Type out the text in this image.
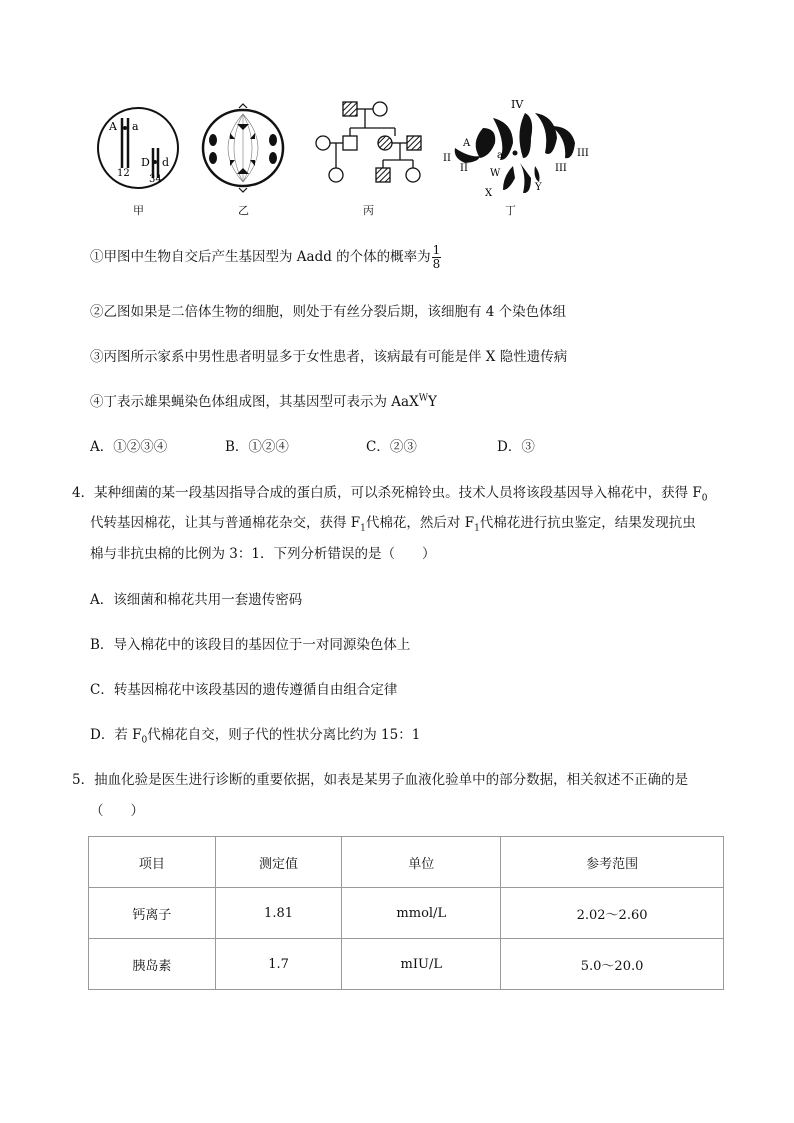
A a
D d
12
34
IV
A
a
II
II
III
III
W
X
Y
甲	乙	丙	丁
①甲图中生物自交后产生基因型为 Aadd 的个体的概率为 $\frac{1}{8}$
②乙图如果是二倍体生物的细胞，则处于有丝分裂后期，该细胞有 4 个染色体组
③丙图所示家系中男性患者明显多于女性患者，该病最有可能是伴 X 隐性遗传病
④丁表示雄果蝇染色体组成图，其基因型可表示为 AaX$^W$Y
A．①②③④	B．①②④	C．②③	D．③
4．某种细菌的某一段基因指导合成的蛋白质，可以杀死棉铃虫。技术人员将该段基因导入棉花中，获得 $F_0$
代转基因棉花，让其与普通棉花杂交，获得 $F_1$代棉花，然后对 $F_1$代棉花进行抗虫鉴定，结果发现抗虫
棉与非抗虫棉的比例为 3：1．下列分析错误的是（　　）
A．该细菌和棉花共用一套遗传密码
B．导入棉花中的该段目的基因位于一对同源染色体上
C．转基因棉花中该段基因的遗传遵循自由组合定律
D．若 $F_0$代棉花自交，则子代的性状分离比约为 15：1
5．抽血化验是医生进行诊断的重要依据，如表是某男子血液化验单中的部分数据，相关叙述不正确的是
（　　）
项目	测定值	单位	参考范围
钙离子	1.81	mmol/L	2.02～2.60
胰岛素	1.7	mIU/L	5.0～20.0
